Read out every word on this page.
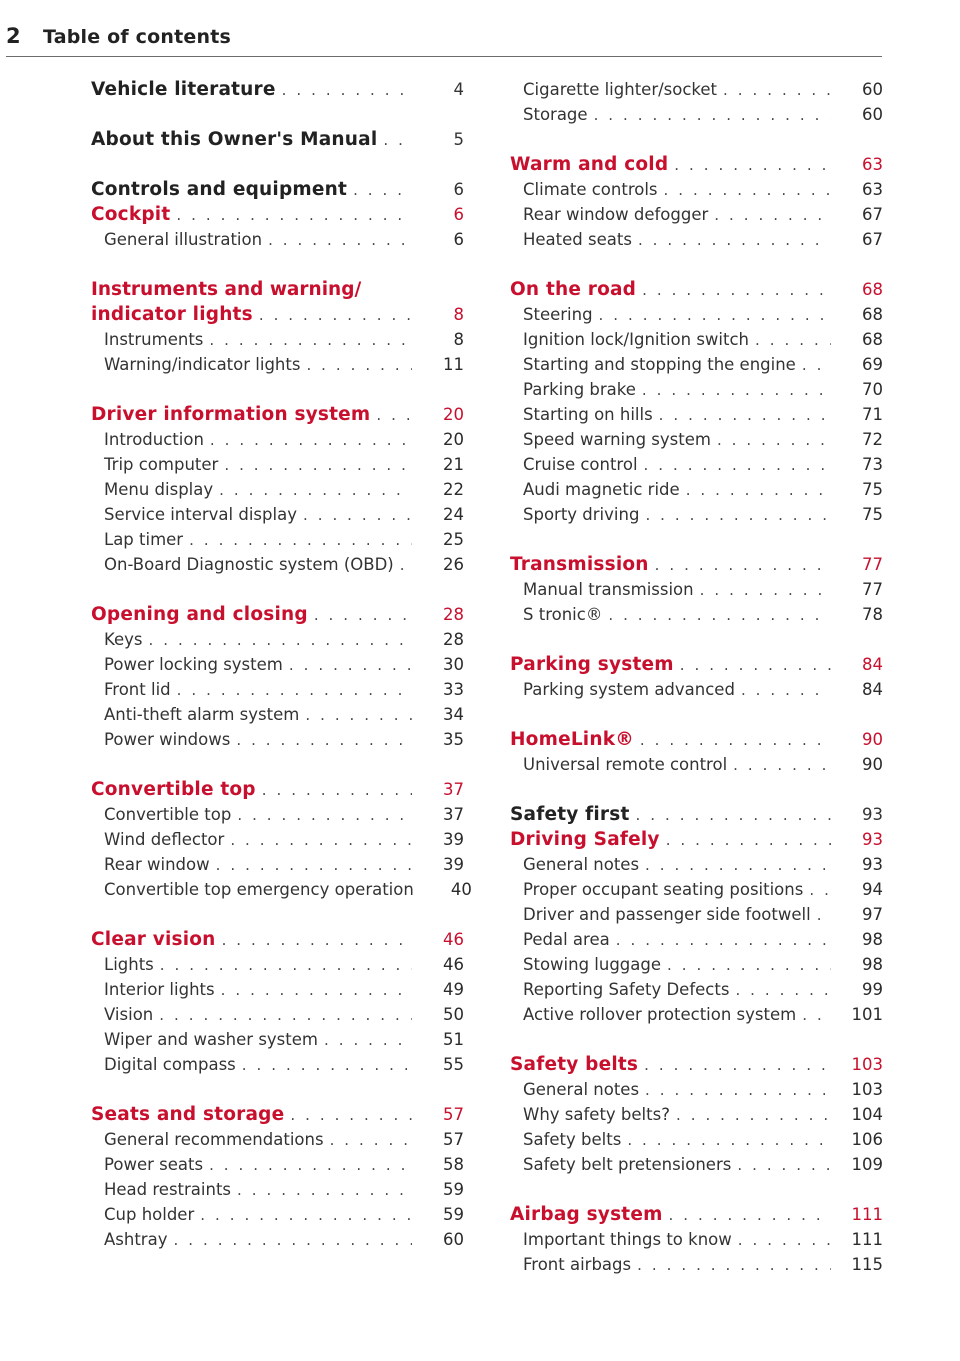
2 Table of contents
Vehicle literature . . .	4
About this Owner's Manual . . .	5
Controls and equipment . . .	6
Cockpit . . .	6
General illustration . . .	6
Instruments and warning/
indicator lights . . .	8
Instruments . . .	8
Warning/indicator lights . . .	11
Driver information system . . .	20
Introduction . . .	20
Trip computer . . .	21
Menu display . . .	22
Service interval display . . .	24
Lap timer . . .	25
On-Board Diagnostic system (OBD) . . .	26
Opening and closing . . .	28
Keys . . .	28
Power locking system . . .	30
Front lid . . .	33
Anti-theft alarm system . . .	34
Power windows . . .	35
Convertible top . . .	37
Convertible top . . .	37
Wind deflector . . .	39
Rear window . . .	39
Convertible top emergency operation	40
Clear vision . . .	46
Lights . . .	46
Interior lights . . .	49
Vision . . .	50
Wiper and washer system . . .	51
Digital compass . . .	55
Seats and storage . . .	57
General recommendations . . .	57
Power seats . . .	58
Head restraints . . .	59
Cup holder . . .	59
Ashtray . . .	60
Cigarette lighter/socket . . .	60
Storage . . .	60
Warm and cold . . .	63
Climate controls . . .	63
Rear window defogger . . .	67
Heated seats . . .	67
On the road . . .	68
Steering . . .	68
Ignition lock/Ignition switch . . .	68
Starting and stopping the engine . . .	69
Parking brake . . .	70
Starting on hills . . .	71
Speed warning system . . .	72
Cruise control . . .	73
Audi magnetic ride . . .	75
Sporty driving . . .	75
Transmission . . .	77
Manual transmission . . .	77
S tronic® . . .	78
Parking system . . .	84
Parking system advanced . . .	84
HomeLink® . . .	90
Universal remote control . . .	90
Safety first . . .	93
Driving Safely . . .	93
General notes . . .	93
Proper occupant seating positions . . .	94
Driver and passenger side footwell . . .	97
Pedal area . . .	98
Stowing luggage . . .	98
Reporting Safety Defects . . .	99
Active rollover protection system . . .	101
Safety belts . . .	103
General notes . . .	103
Why safety belts? . . .	104
Safety belts . . .	106
Safety belt pretensioners . . .	109
Airbag system . . .	111
Important things to know . . .	111
Front airbags . . .	115
